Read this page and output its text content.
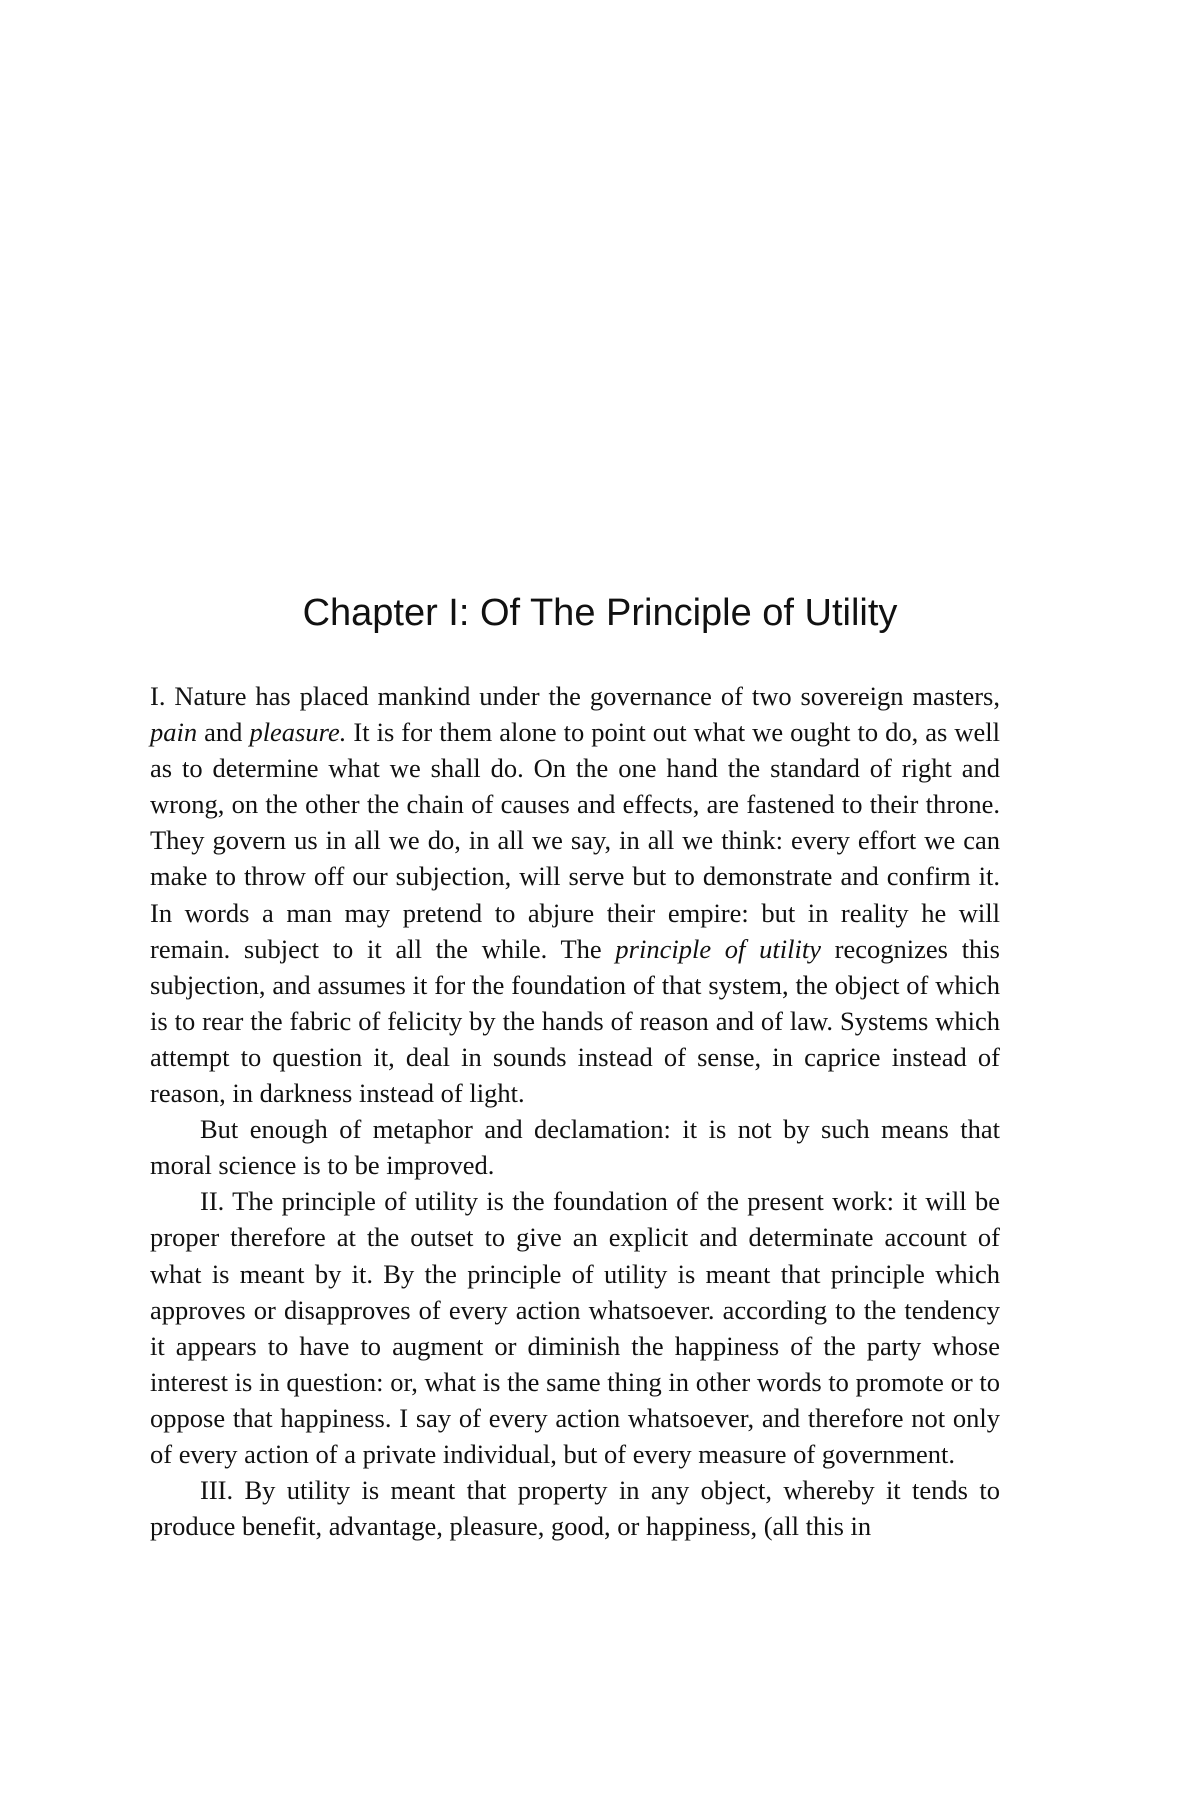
Chapter I: Of The Principle of Utility

I. Nature has placed mankind under the governance of two sovereign masters, pain and pleasure. It is for them alone to point out what we ought to do, as well as to determine what we shall do. On the one hand the standard of right and wrong, on the other the chain of causes and effects, are fastened to their throne. They govern us in all we do, in all we say, in all we think: every effort we can make to throw off our subjection, will serve but to demonstrate and confirm it. In words a man may pretend to abjure their empire: but in reality he will remain. subject to it all the while. The principle of utility recognizes this subjection, and assumes it for the foundation of that system, the object of which is to rear the fabric of felicity by the hands of reason and of law. Systems which attempt to question it, deal in sounds instead of sense, in caprice instead of reason, in darkness instead of light.

But enough of metaphor and declamation: it is not by such means that moral science is to be improved.

II. The principle of utility is the foundation of the present work: it will be proper therefore at the outset to give an explicit and determinate account of what is meant by it. By the principle of utility is meant that principle which approves or disapproves of every action whatsoever. according to the tendency it appears to have to augment or diminish the happiness of the party whose interest is in question: or, what is the same thing in other words to promote or to oppose that happiness. I say of every action whatsoever, and therefore not only of every action of a private individual, but of every measure of government.

III. By utility is meant that property in any object, whereby it tends to produce benefit, advantage, pleasure, good, or happiness, (all this in
